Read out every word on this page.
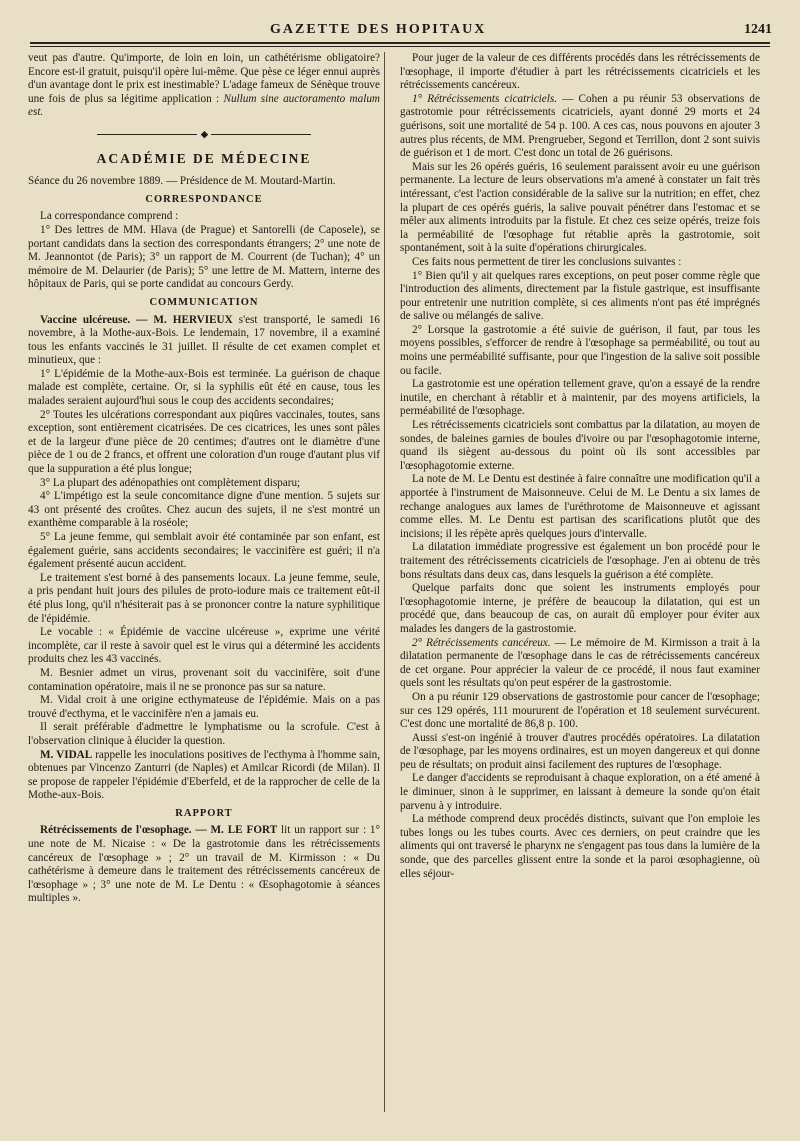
GAZETTE DES HOPITAUX	1241

veut pas d'autre. Qu'importe, de loin en loin, un cathétérisme obligatoire? Encore est-il gratuit, puisqu'il opère lui-même. Que pèse ce léger ennui auprès d'un avantage dont le prix est inestimable? L'adage fameux de Sénèque trouve une fois de plus sa légitime application : Nullum sine auctoramento malum est.

◆
ACADÉMIE DE MÉDECINE

Séance du 26 novembre 1889. — Présidence de M. Moutard-Martin.

CORRESPONDANCE

La correspondance comprend :

1° Des lettres de MM. Hlava (de Prague) et Santorelli (de Caposele), se portant candidats dans la section des correspondants étrangers; 2° une note de M. Jeannontot (de Paris); 3° un rapport de M. Courrent (de Tuchan); 4° un mémoire de M. Delaurier (de Paris); 5° une lettre de M. Mattern, interne des hôpitaux de Paris, qui se porte candidat au concours Gerdy.

COMMUNICATION

Vaccine ulcéreuse. — M. HERVIEUX s'est transporté, le samedi 16 novembre, à la Mothe-aux-Bois. Le lendemain, 17 novembre, il a examiné tous les enfants vaccinés le 31 juillet. Il résulte de cet examen complet et minutieux, que :

1° L'épidémie de la Mothe-aux-Bois est terminée. La guérison de chaque malade est complète, certaine. Or, si la syphilis eût été en cause, tous les malades seraient aujourd'hui sous le coup des accidents secondaires;

2° Toutes les ulcérations correspondant aux piqûres vaccinales, toutes, sans exception, sont entièrement cicatrisées. De ces cicatrices, les unes sont pâles et de la largeur d'une pièce de 20 centimes; d'autres ont le diamètre d'une pièce de 1 ou de 2 francs, et offrent une coloration d'un rouge d'autant plus vif que la suppuration a été plus longue;

3° La plupart des adénopathies ont complètement disparu;

4° L'impétigo est la seule concomitance digne d'une mention. 5 sujets sur 43 ont présenté des croûtes. Chez aucun des sujets, il ne s'est montré un exanthème comparable à la roséole;

5° La jeune femme, qui semblait avoir été contaminée par son enfant, est également guérie, sans accidents secondaires; le vaccinifère est guéri; il n'a également présenté aucun accident.

Le traitement s'est borné à des pansements locaux. La jeune femme, seule, a pris pendant huit jours des pilules de proto-iodure mais ce traitement eût-il été plus long, qu'il n'hésiterait pas à se prononcer contre la nature syphilitique de l'épidémie.

Le vocable : « Épidémie de vaccine ulcéreuse », exprime une vérité incomplète, car il reste à savoir quel est le virus qui a déterminé les accidents produits chez les 43 vaccinés.

M. Besnier admet un virus, provenant soit du vaccinifère, soit d'une contamination opératoire, mais il ne se prononce pas sur sa nature.

M. Vidal croit à une origine ecthymateuse de l'épidémie. Mais on a pas trouvé d'ecthyma, et le vaccinifère n'en a jamais eu.

Il serait préférable d'admettre le lymphatisme ou la scrofule. C'est à l'observation clinique à élucider la question.

M. VIDAL rappelle les inoculations positives de l'ecthyma à l'homme sain, obtenues par Vincenzo Zanturri (de Naples) et Amilcar Ricordi (de Milan). Il se propose de rappeler l'épidémie d'Eberfeld, et de la rapprocher de celle de la Mothe-aux-Bois.

RAPPORT

Rétrécissements de l'œsophage. — M. LE FORT lit un rapport sur : 1° une note de M. Nicaise : « De la gastrotomie dans les rétrécissements cancéreux de l'œsophage » ; 2° un travail de M. Kirmisson : « Du cathétérisme à demeure dans le traitement des rétrécissements cancéreux de l'œsophage » ; 3° une note de M. Le Dentu : « Œsophagotomie à séances multiples ».

Pour juger de la valeur de ces différents procédés dans les rétrécissements de l'œsophage, il importe d'étudier à part les rétrécissements cicatriciels et les rétrécissements cancéreux.

1° Rétrécissements cicatriciels. — Cohen a pu réunir 53 observations de gastrotomie pour rétrécissements cicatriciels, ayant donné 29 morts et 24 guérisons, soit une mortalité de 54 p. 100. A ces cas, nous pouvons en ajouter 3 autres plus récents, de MM. Prengrueber, Segond et Terrillon, dont 2 sont suivis de guérison et 1 de mort. C'est donc un total de 26 guérisons.

Mais sur les 26 opérés guéris, 16 seulement paraissent avoir eu une guérison permanente. La lecture de leurs observations m'a amené à constater un fait très intéressant, c'est l'action considérable de la salive sur la nutrition; en effet, chez la plupart de ces opérés guéris, la salive pouvait pénétrer dans l'estomac et se mêler aux aliments introduits par la fistule. Et chez ces seize opérés, treize fois la perméabilité de l'œsophage fut rétablie après la gastrotomie, soit spontanément, soit à la suite d'opérations chirurgicales.

Ces faits nous permettent de tirer les conclusions suivantes :

1° Bien qu'il y ait quelques rares exceptions, on peut poser comme règle que l'introduction des aliments, directement par la fistule gastrique, est insuffisante pour entretenir une nutrition complète, si ces aliments n'ont pas été imprégnés de salive ou mélangés de salive.

2° Lorsque la gastrotomie a été suivie de guérison, il faut, par tous les moyens possibles, s'efforcer de rendre à l'œsophage sa perméabilité, ou tout au moins une perméabilité suffisante, pour que l'ingestion de la salive soit possible ou facile.

La gastrotomie est une opération tellement grave, qu'on a essayé de la rendre inutile, en cherchant à rétablir et à maintenir, par des moyens artificiels, la perméabilité de l'œsophage.

Les rétrécissements cicatriciels sont combattus par la dilatation, au moyen de sondes, de baleines garnies de boules d'ivoire ou par l'œsophagotomie interne, quand ils siègent au-dessous du point où ils sont accessibles par l'œsophagotomie externe.

La note de M. Le Dentu est destinée à faire connaître une modification qu'il a apportée à l'instrument de Maisonneuve. Celui de M. Le Dentu a six lames de rechange analogues aux lames de l'uréthrotome de Maisonneuve et agissant comme elles. M. Le Dentu est partisan des scarifications plutôt que des incisions; il les répète après quelques jours d'intervalle.

La dilatation immédiate progressive est également un bon procédé pour le traitement des rétrécissements cicatriciels de l'œsophage. J'en ai obtenu de très bons résultats dans deux cas, dans lesquels la guérison a été complète.

Quelque parfaits donc que soient les instruments employés pour l'œsophagotomie interne, je préfère de beaucoup la dilatation, qui est un procédé que, dans beaucoup de cas, on aurait dû employer pour éviter aux malades les dangers de la gastrostomie.

2° Rétrécissements cancéreux. — Le mémoire de M. Kirmisson a trait à la dilatation permanente de l'œsophage dans le cas de rétrécissements cancéreux de cet organe. Pour apprécier la valeur de ce procédé, il nous faut examiner quels sont les résultats qu'on peut espérer de la gastrostomie.

On a pu réunir 129 observations de gastrostomie pour cancer de l'œsophage; sur ces 129 opérés, 111 moururent de l'opération et 18 seulement survécurent. C'est donc une mortalité de 86,8 p. 100.

Aussi s'est-on ingénié à trouver d'autres procédés opératoires. La dilatation de l'œsophage, par les moyens ordinaires, est un moyen dangereux et qui donne peu de résultats; on produit ainsi facilement des ruptures de l'œsophage.

Le danger d'accidents se reproduisant à chaque exploration, on a été amené à le diminuer, sinon à le supprimer, en laissant à demeure la sonde qu'on était parvenu à y introduire.

La méthode comprend deux procédés distincts, suivant que l'on emploie les tubes longs ou les tubes courts. Avec ces derniers, on peut craindre que les aliments qui ont traversé le pharynx ne s'engagent pas tous dans la lumière de la sonde, que des parcelles glissent entre la sonde et la paroi œsophagienne, où elles séjour-
